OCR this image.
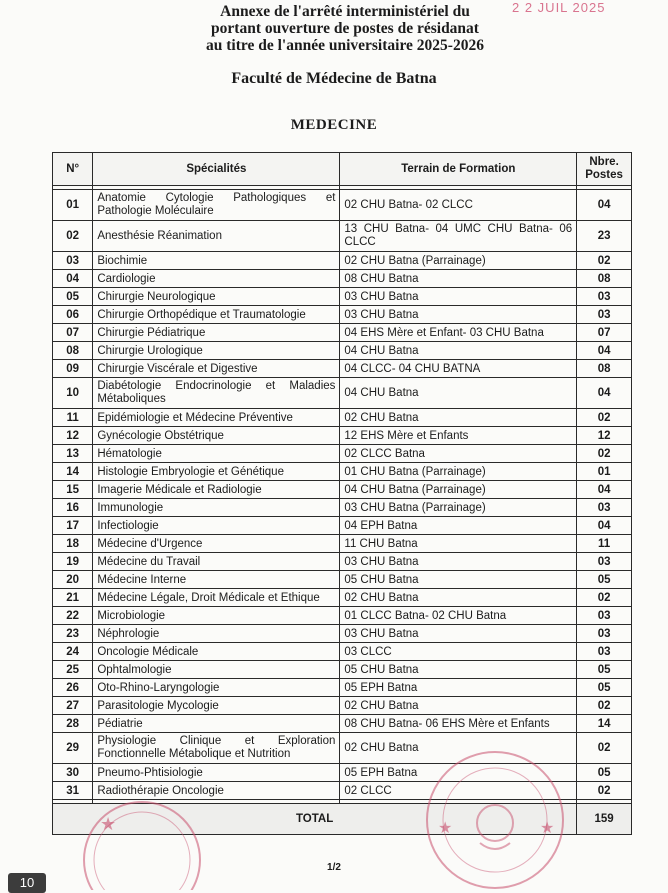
Annexe de l'arrêté interministériel du
portant ouverture de postes de résidanat
au titre de l'année universitaire 2025-2026
2 2 JUIL 2025
Faculté de Médecine de Batna
MEDECINE
N°	Spécialités	Terrain de Formation	Nbre.
Postes

01	Anatomie Cytologie Pathologiques et Pathologie Moléculaire	02 CHU Batna- 02 CLCC	04
02	Anesthésie Réanimation	13 CHU Batna- 04 UMC CHU Batna- 06 CLCC	23
03	Biochimie	02 CHU Batna (Parrainage)	02
04	Cardiologie	08 CHU Batna	08
05	Chirurgie Neurologique	03 CHU Batna	03
06	Chirurgie Orthopédique et Traumatologie	03 CHU Batna	03
07	Chirurgie Pédiatrique	04 EHS Mère et Enfant- 03 CHU Batna	07
08	Chirurgie Urologique	04 CHU Batna	04
09	Chirurgie Viscérale et Digestive	04 CLCC- 04 CHU BATNA	08
10	Diabétologie Endocrinologie et Maladies Métaboliques	04 CHU Batna	04
11	Epidémiologie et Médecine Préventive	02 CHU Batna	02
12	Gynécologie Obstétrique	12 EHS Mère et Enfants	12
13	Hématologie	02 CLCC Batna	02
14	Histologie Embryologie et Génétique	01 CHU Batna (Parrainage)	01
15	Imagerie Médicale et Radiologie	04 CHU Batna (Parrainage)	04
16	Immunologie	03 CHU Batna (Parrainage)	03
17	Infectiologie	04 EPH Batna	04
18	Médecine d'Urgence	11 CHU Batna	11
19	Médecine du Travail	03 CHU Batna	03
20	Médecine Interne	05 CHU Batna	05
21	Médecine Légale, Droit Médicale et Ethique	02 CHU Batna	02
22	Microbiologie	01 CLCC Batna- 02 CHU Batna	03
23	Néphrologie	03 CHU Batna	03
24	Oncologie Médicale	03 CLCC	03
25	Ophtalmologie	05 CHU Batna	05
26	Oto-Rhino-Laryngologie	05 EPH Batna	05
27	Parasitologie Mycologie	02 CHU Batna	02
28	Pédiatrie	08 CHU Batna- 06 EHS Mère et Enfants	14
29	Physiologie Clinique et Exploration Fonctionnelle Métabolique et Nutrition	02 CHU Batna	02
30	Pneumo-Phtisiologie	05 EPH Batna	05
31	Radiothérapie Oncologie	02 CLCC	02

TOTAL			159
1/2
10
★	★	★
